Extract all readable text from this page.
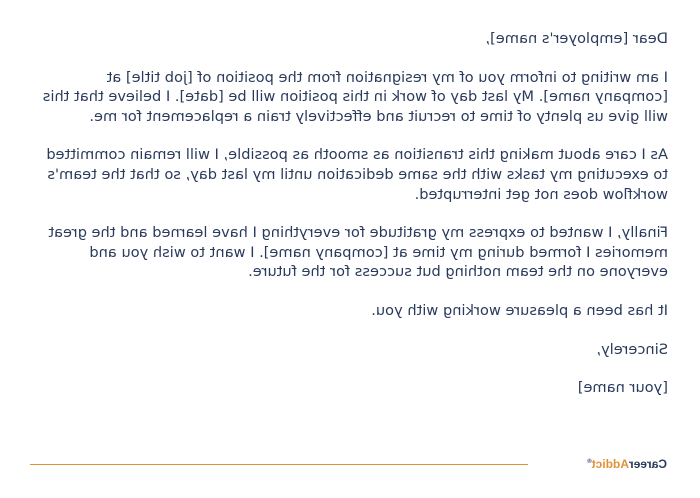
Dear [employer's name],

I am writing to inform you of my resignation from the position of [job title] at [company name]. My last day of work in this position will be [date]. I believe that this will give us plenty of time to recruit and effectively train a replacement for me.

As I care about making this transition as smooth as possible, I will remain committed to executing my tasks with the same dedication until my last day, so that the team's workflow does not get interrupted.

Finally, I wanted to express my gratitude for everything I have learned and the great memories I formed during my time at [company name]. I want to wish you and everyone on the team nothing but success for the future.

It has been a pleasure working with you.

Sincerely,

[your name]

CareerAddict®
